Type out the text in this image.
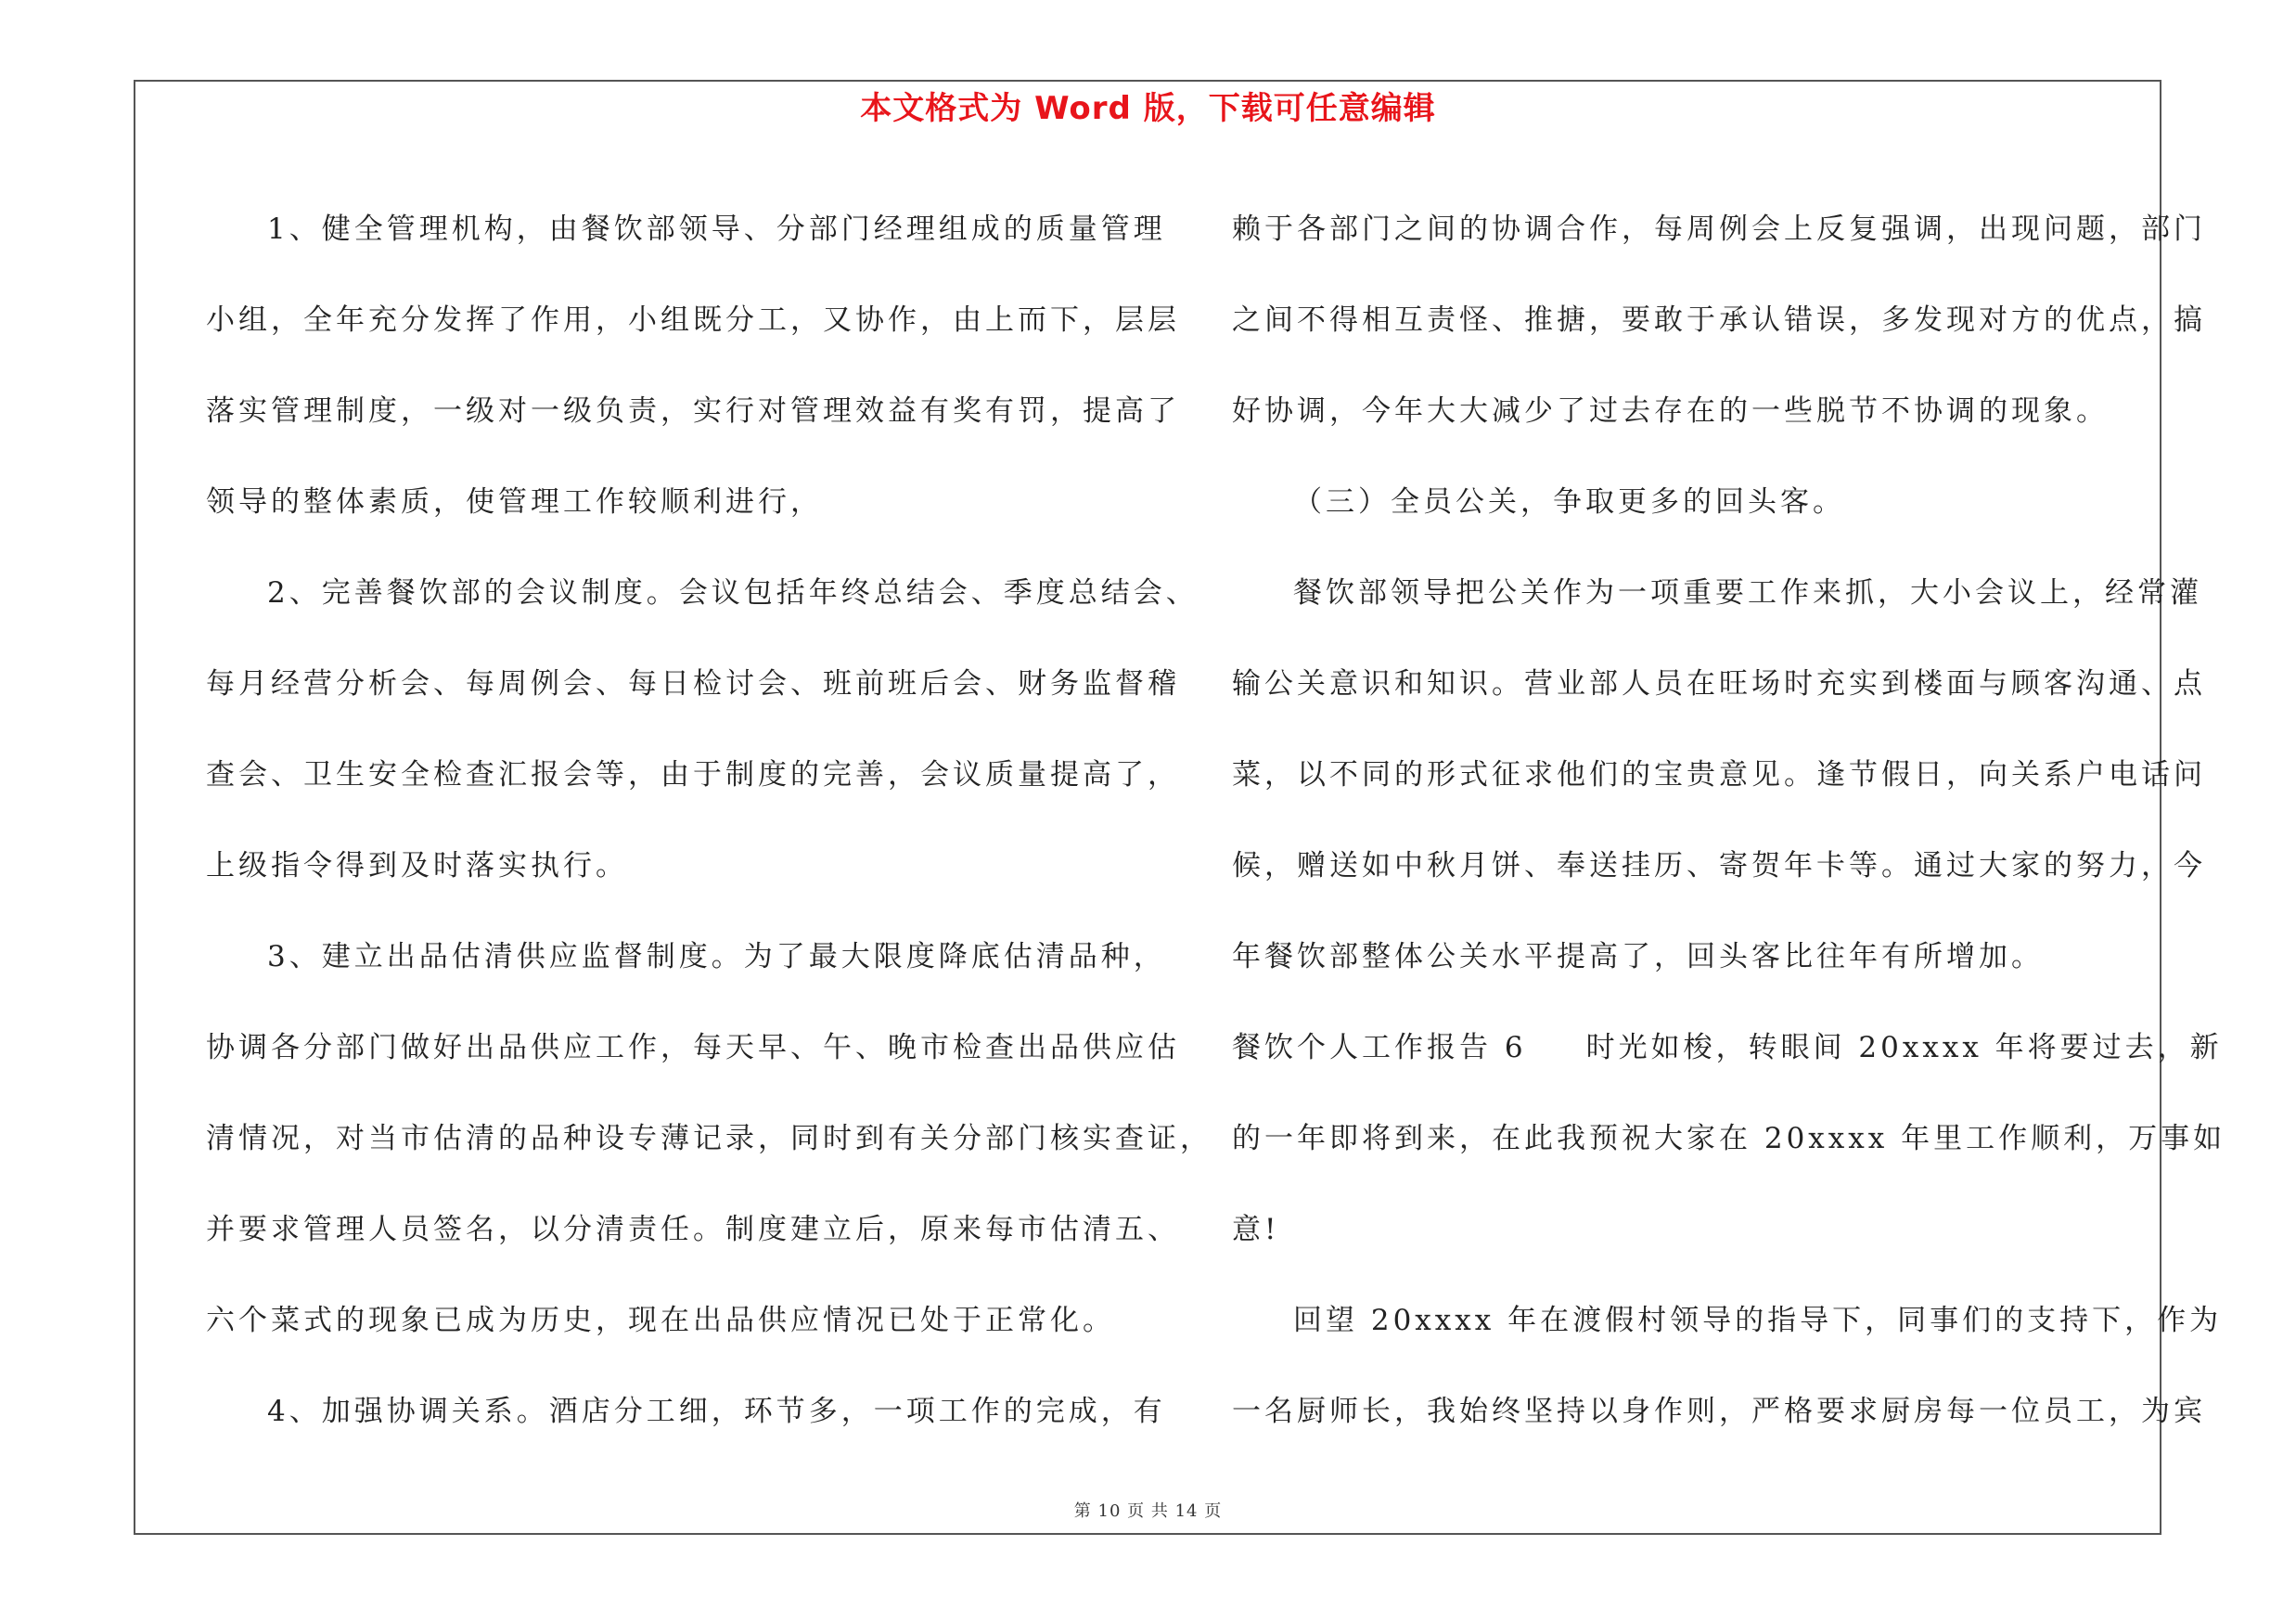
本文格式为 Word 版，下载可任意编辑
1、健全管理机构，由餐饮部领导、分部门经理组成的质量管理
小组，全年充分发挥了作用，小组既分工，又协作，由上而下，层层
落实管理制度，一级对一级负责，实行对管理效益有奖有罚，提高了
领导的整体素质，使管理工作较顺利进行，
2、完善餐饮部的会议制度。会议包括年终总结会、季度总结会、
每月经营分析会、每周例会、每日检讨会、班前班后会、财务监督稽
查会、卫生安全检查汇报会等，由于制度的完善，会议质量提高了，
上级指令得到及时落实执行。
3、建立出品估清供应监督制度。为了最大限度降底估清品种，
协调各分部门做好出品供应工作，每天早、午、晚市检查出品供应估
清情况，对当市估清的品种设专薄记录，同时到有关分部门核实查证，
并要求管理人员签名，以分清责任。制度建立后，原来每市估清五、
六个菜式的现象已成为历史，现在出品供应情况已处于正常化。
4、加强协调关系。酒店分工细，环节多，一项工作的完成，有
赖于各部门之间的协调合作，每周例会上反复强调，出现问题，部门
之间不得相互责怪、推搪，要敢于承认错误，多发现对方的优点，搞
好协调，今年大大减少了过去存在的一些脱节不协调的现象。
（三）全员公关，争取更多的回头客。
餐饮部领导把公关作为一项重要工作来抓，大小会议上，经常灌
输公关意识和知识。营业部人员在旺场时充实到楼面与顾客沟通、点
菜，以不同的形式征求他们的宝贵意见。逢节假日，向关系户电话问
候，赠送如中秋月饼、奉送挂历、寄贺年卡等。通过大家的努力，今
年餐饮部整体公关水平提高了，回头客比往年有所增加。
餐饮个人工作报告 6 时光如梭，转眼间 20xxxx 年将要过去，新
的一年即将到来，在此我预祝大家在 20xxxx 年里工作顺利，万事如
意!
回望 20xxxx 年在渡假村领导的指导下，同事们的支持下，作为
一名厨师长，我始终坚持以身作则，严格要求厨房每一位员工，为宾
第 10 页 共 14 页
